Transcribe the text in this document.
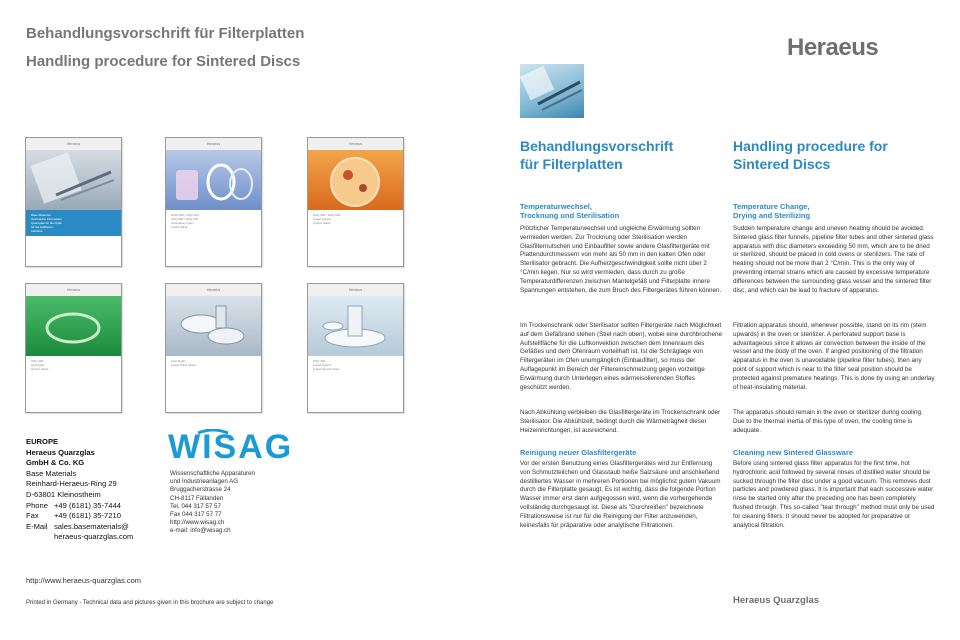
Behandlungsvorschrift für Filterplatten
Handling procedure for Sintered Discs
Heraeus
Heraeus
Base Materials
Technische Information
Quarzglas für die Optik
für die Halbleiter-
Industrie
Heraeus
ROM 300 / HSQ 300
HSQ 600 / HSQ 900
Gesinterte Quarz
Fused Silica
Heraeus
HSQ 900 / HSQ 900
Fused Quartz
Quartz Glass
Heraeus
HSQ 300
Quarzglas
Quartz Glass
Heraeus
Fast Fields
Fused Silica Glass
Heraeus
HSQ 300
Fused Quartz
Fused Quartz Glass
EUROPE
Heraeus Quarzglas
GmbH & Co. KG
Base Materials
Reinhard-Heraeus-Ring 29
D-63801 Kleinostheim
Phone +49 (6181) 35-7444
Fax +49 (6181) 35-7210
E-Mail sales.basematerials@
heraeus-quarzglas.com
WISAG
Wissenschaftliche Apparaturen
und Industrieanlagen AG
Bruggacherstrasse 24
CH-8117 Fällanden
Tel. 044 317 57 57
Fax 044 317 57 77
http://www.wisag.ch
e-mail: info@wisag.ch
http://www.heraeus-quarzglas.com
Printed in Germany - Technical data and pictures given in this brochure are subject to change
Behandlungsvorschrift
für Filterplatten
Temperaturwechsel,
Trocknung und Sterilisation

Plötzlicher Temperaturwechsel und ungleiche Erwärmung sollten vermieden werden. Zur Trocknung oder Sterilisation werden Glasfilternutschen und Einbaufilter sowie andere Glasfiltergeräte mit Plattendurchmessern von mehr als 50 mm in den kalten Ofen oder Sterilisator gebracht. Die Aufheizgeschwindigkeit sollte nicht über 2 °C/min liegen. Nur so wird vermieden, dass durch zu große Temperaturdifferenzen zwischen Mantelgefäß und Filterplatte innere Spannungen entstehen, die zum Bruch des Filtergerätes führen können.

Im Trockenschrank oder Sterilisator sollten Filtergeräte nach Möglichkeit auf dem Gefäßrand stehen (Stiel nach oben), wobei eine durchbrochene Aufstellfläche für die Luftkonvektion zwischen dem Innenraum des Gefäßes und dem Ofenraum vorteilhaft ist. Ist die Schräglage von Filtergeräten im Ofen unumgänglich (Einbaufilter), so muss der Auflagepunkt im Bereich der Filtereinschmelzung gegen vorzeitige Erwärmung durch Unterlegen eines wärmeisolierenden Stoffes geschützt werden.

Nach Abkühlung verbleiben die Glasfiltergeräte im Trockenschrank oder Sterilisator. Die Abkühlzeit, bedingt durch die Wärmeträgheit dieser Heizeinrichtungen, ist ausreichend.

Reinigung neuer Glasfiltergeräte

Vor der ersten Benutzung eines Glasfiltergerätes wird zur Entfernung von Schmutzteilchen und Glasstaub heiße Salzsäure und anschließend destilliertes Wasser in mehreren Portionen bei möglichst gutem Vakuum durch die Filterplatte gesaugt. Es ist wichtig, dass die folgende Portion Wasser immer erst dann aufgegossen wird, wenn die vorhergehende vollständig durchgesaugt ist. Diese als "Durchreißen" bezeichnete Filtrationsweise ist nur für die Reinigung der Filter anzuwenden, keinesfalls für präparative oder analytische Filtrationen.

Handling procedure for
Sintered Discs
Temperature Change,
Drying and Sterilizing

Sudden temperature change and uneven heating should be avoided. Sintered glass filter funnels, pipeline filter tubes and other sintered glass apparatus with disc diameters exceeding 50 mm, which are to be dried or sterilized, should be placed in cold ovens or sterilizers. The rate of heating should not be more than 2 °C/min. This is the only way of preventing internal strains which are caused by excessive temperature differences between the surrounding glass vessel and the sintered filter disc, and which can be lead to fracture of apparatus.

Filtration apparatus should, whenever possible, stand on its rim (stem upwards) in the oven or sterilizer. A perforated support base is advantageous since it allows air convection between the inside of the vessel and the body of the oven. If angled positioning of the filtration apparatus in the oven is unavoidable (pipeline filter tubes), then any point of support which is near to the filter seal position should be protected against premature heatings. This is done by using an underlay of heat-insulating material.

The apparatus should remain in the oven or sterilizer during cooling. Due to the thermal inertia of this type of oven, the cooling time is adequate.

Cleaning new Sintered Glassware

Before using sintered glass filter apparatus for the first time, hot hydrochloric acid followed by several rinses of distilled water should be sucked through the filter disc under a good vacuum. This removes dust particles and powdered glass. It is important that each successive water rinse be started only after the preceding one has been completely flushed through. This so-called "tear through" method must only be used for cleaning filters. It should never be adopted for preparative or analytical filtration.

Heraeus Quarzglas
